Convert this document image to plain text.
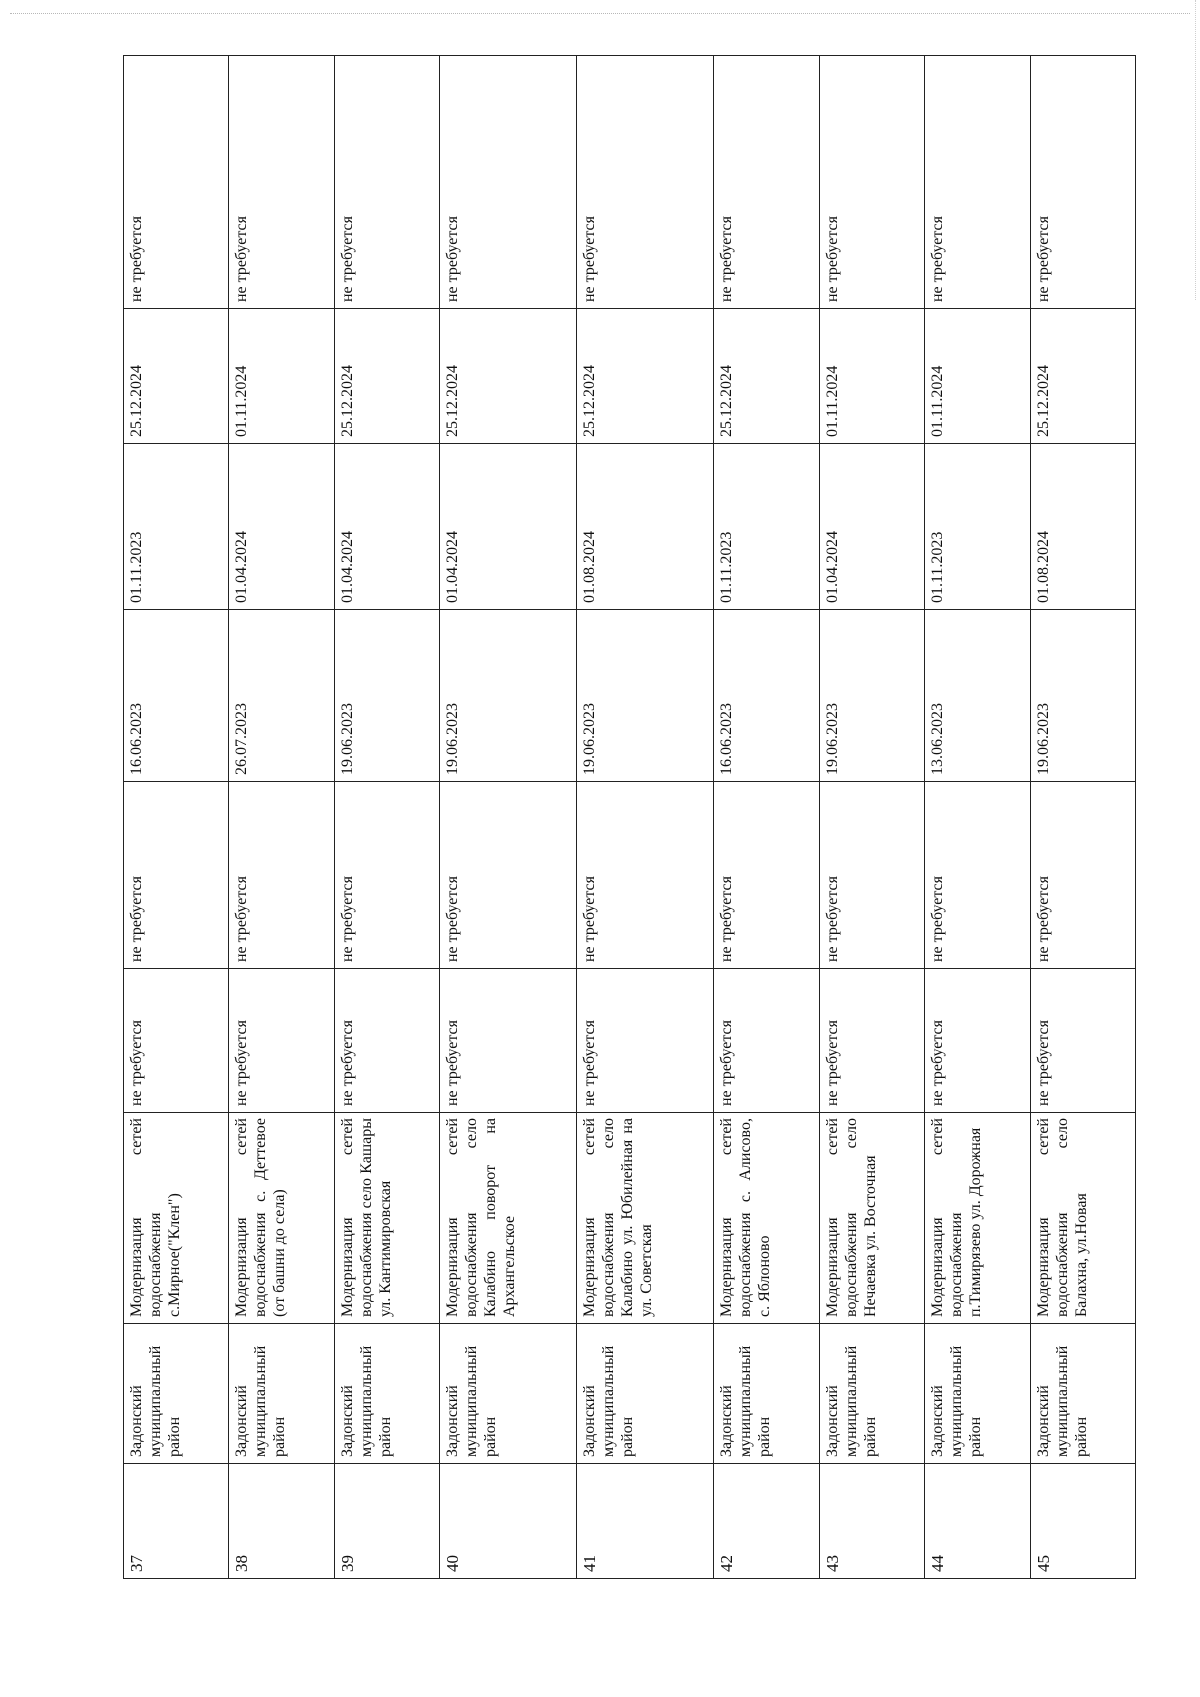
37	Задонский муниципальный район	Модернизация сетей водоснабжения с.Мирное("Клен")	не требуется	не требуется	16.06.2023	01.11.2023	25.12.2024	не требуется
38	Задонский муниципальный район	Модернизация сетей водоснабжения с. Деттевое (от башни до села)	не требуется	не требуется	26.07.2023	01.04.2024	01.11.2024	не требуется
39	Задонский муниципальный район	Модернизация сетей водоснабжения село Кашары ул. Кантимировская	не требуется	не требуется	19.06.2023	01.04.2024	25.12.2024	не требуется
40	Задонский муниципальный район	Модернизация сетей водоснабжения село Калабино поворот на Архангельское	не требуется	не требуется	19.06.2023	01.04.2024	25.12.2024	не требуется
41	Задонский муниципальный район	Модернизация сетей водоснабжения село Калабино ул. Юбилейная на ул. Советская	не требуется	не требуется	19.06.2023	01.08.2024	25.12.2024	не требуется
42	Задонский муниципальный район	Модернизация сетей водоснабжения с. Алисово, с. Яблоново	не требуется	не требуется	16.06.2023	01.11.2023	25.12.2024	не требуется
43	Задонский муниципальный район	Модернизация сетей водоснабжения село Нечаевка ул. Восточная	не требуется	не требуется	19.06.2023	01.04.2024	01.11.2024	не требуется
44	Задонский муниципальный район	Модернизация сетей водоснабжения п.Тимирязево ул. Дорожная	не требуется	не требуется	13.06.2023	01.11.2023	01.11.2024	не требуется
45	Задонский муниципальный район	Модернизация сетей водоснабжения село Балахна, ул.Новая	не требуется	не требуется	19.06.2023	01.08.2024	25.12.2024	не требуется
